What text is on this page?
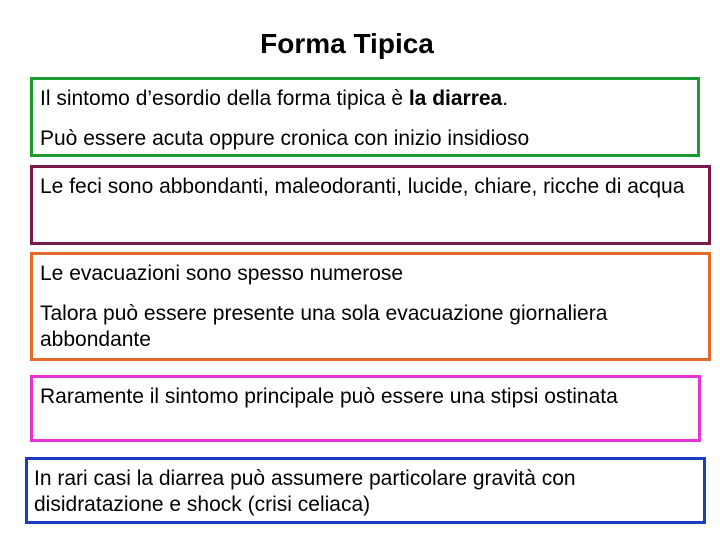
Forma Tipica

Il sintomo d’esordio della forma tipica è la diarrea.

Può essere acuta oppure cronica con inizio insidioso

Le feci sono abbondanti, maleodoranti, lucide, chiare, ricche di acqua

Le evacuazioni sono spesso numerose

Talora può essere presente una sola evacuazione giornaliera abbondante

Raramente il sintomo principale può essere una stipsi ostinata

In rari casi la diarrea può assumere particolare gravità con disidratazione e shock (crisi celiaca)
